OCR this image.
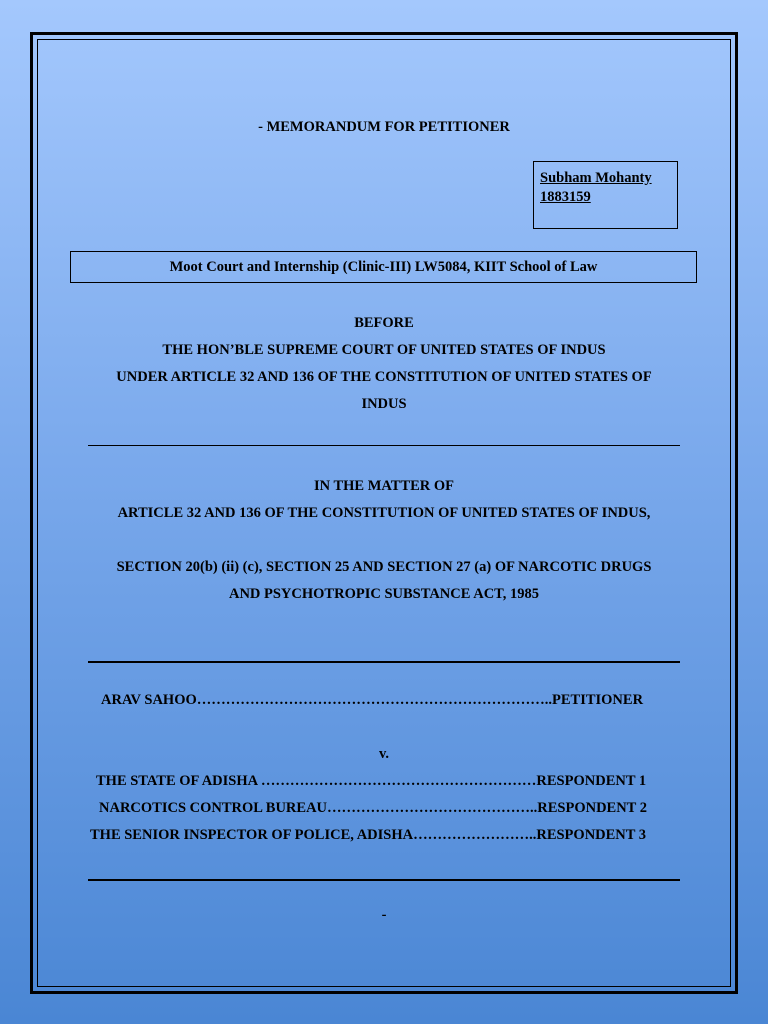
- MEMORANDUM FOR PETITIONER
Subham Mohanty
1883159
Moot Court and Internship (Clinic-III) LW5084, KIIT School of Law
BEFORE
THE HON’BLE SUPREME COURT OF UNITED STATES OF INDUS
UNDER ARTICLE 32 AND 136 OF THE CONSTITUTION OF UNITED STATES OF
INDUS
IN THE MATTER OF
ARTICLE 32 AND 136 OF THE CONSTITUTION OF UNITED STATES OF INDUS,
SECTION 20(b) (ii) (c), SECTION 25 AND SECTION 27 (a) OF NARCOTIC DRUGS
AND PSYCHOTROPIC SUBSTANCE ACT, 1985
ARAV SAHOO………………………………………………………………..PETITIONER
v.
THE STATE OF ADISHA …………………………………………………RESPONDENT 1
NARCOTICS CONTROL BUREAU……………………………………..RESPONDENT 2
THE SENIOR INSPECTOR OF POLICE, ADISHA……………………..RESPONDENT 3
-
